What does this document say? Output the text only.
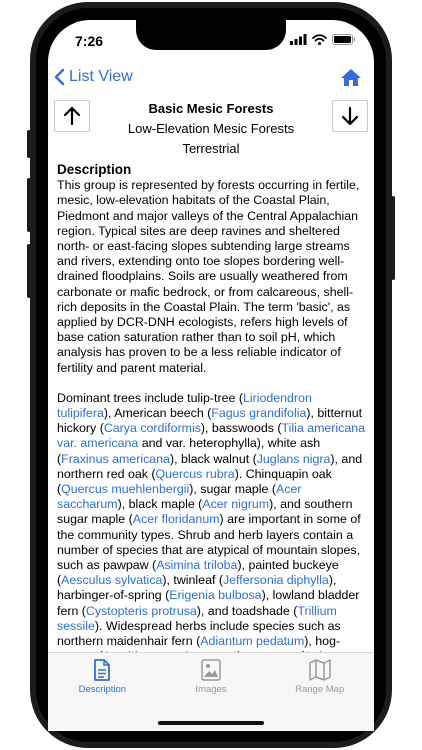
7:26
List View
Basic Mesic Forests
Low-Elevation Mesic Forests
Terrestrial
Description

This group is represented by forests occurring in fertile, mesic, low-elevation habitats of the Coastal Plain, Piedmont and major valleys of the Central Appalachian region. Typical sites are deep ravines and sheltered north- or east-facing slopes subtending large streams and rivers, extending onto toe slopes bordering well-drained floodplains. Soils are usually weathered from carbonate or mafic bedrock, or from calcareous, shell-rich deposits in the Coastal Plain. The term 'basic', as applied by DCR-DNH ecologists, refers high levels of base cation saturation rather than to soil pH, which analysis has proven to be a less reliable indicator of fertility and parent material.

Dominant trees include tulip-tree (Liriodendron tulipifera), American beech (Fagus grandifolia), bitternut hickory (Carya cordiformis), basswoods (Tilia americana var. americana and var. heterophylla), white ash (Fraxinus americana), black walnut (Juglans nigra), and northern red oak (Quercus rubra). Chinquapin oak (Quercus muehlenbergii), sugar maple (Acer saccharum), black maple (Acer nigrum), and southern sugar maple (Acer floridanum) are important in some of the community types. Shrub and herb layers contain a number of species that are atypical of mountain slopes, such as pawpaw (Asimina triloba), painted buckeye (Aesculus sylvatica), twinleaf (Jeffersonia diphylla), harbinger-of-spring (Erigenia bulbosa), lowland bladder fern (Cystopteris protrusa), and toadshade (Trillium sessile). Widespread herbs include species such as northern maidenhair fern (Adiantum pedatum), hog-

Description	Images	Range Map
